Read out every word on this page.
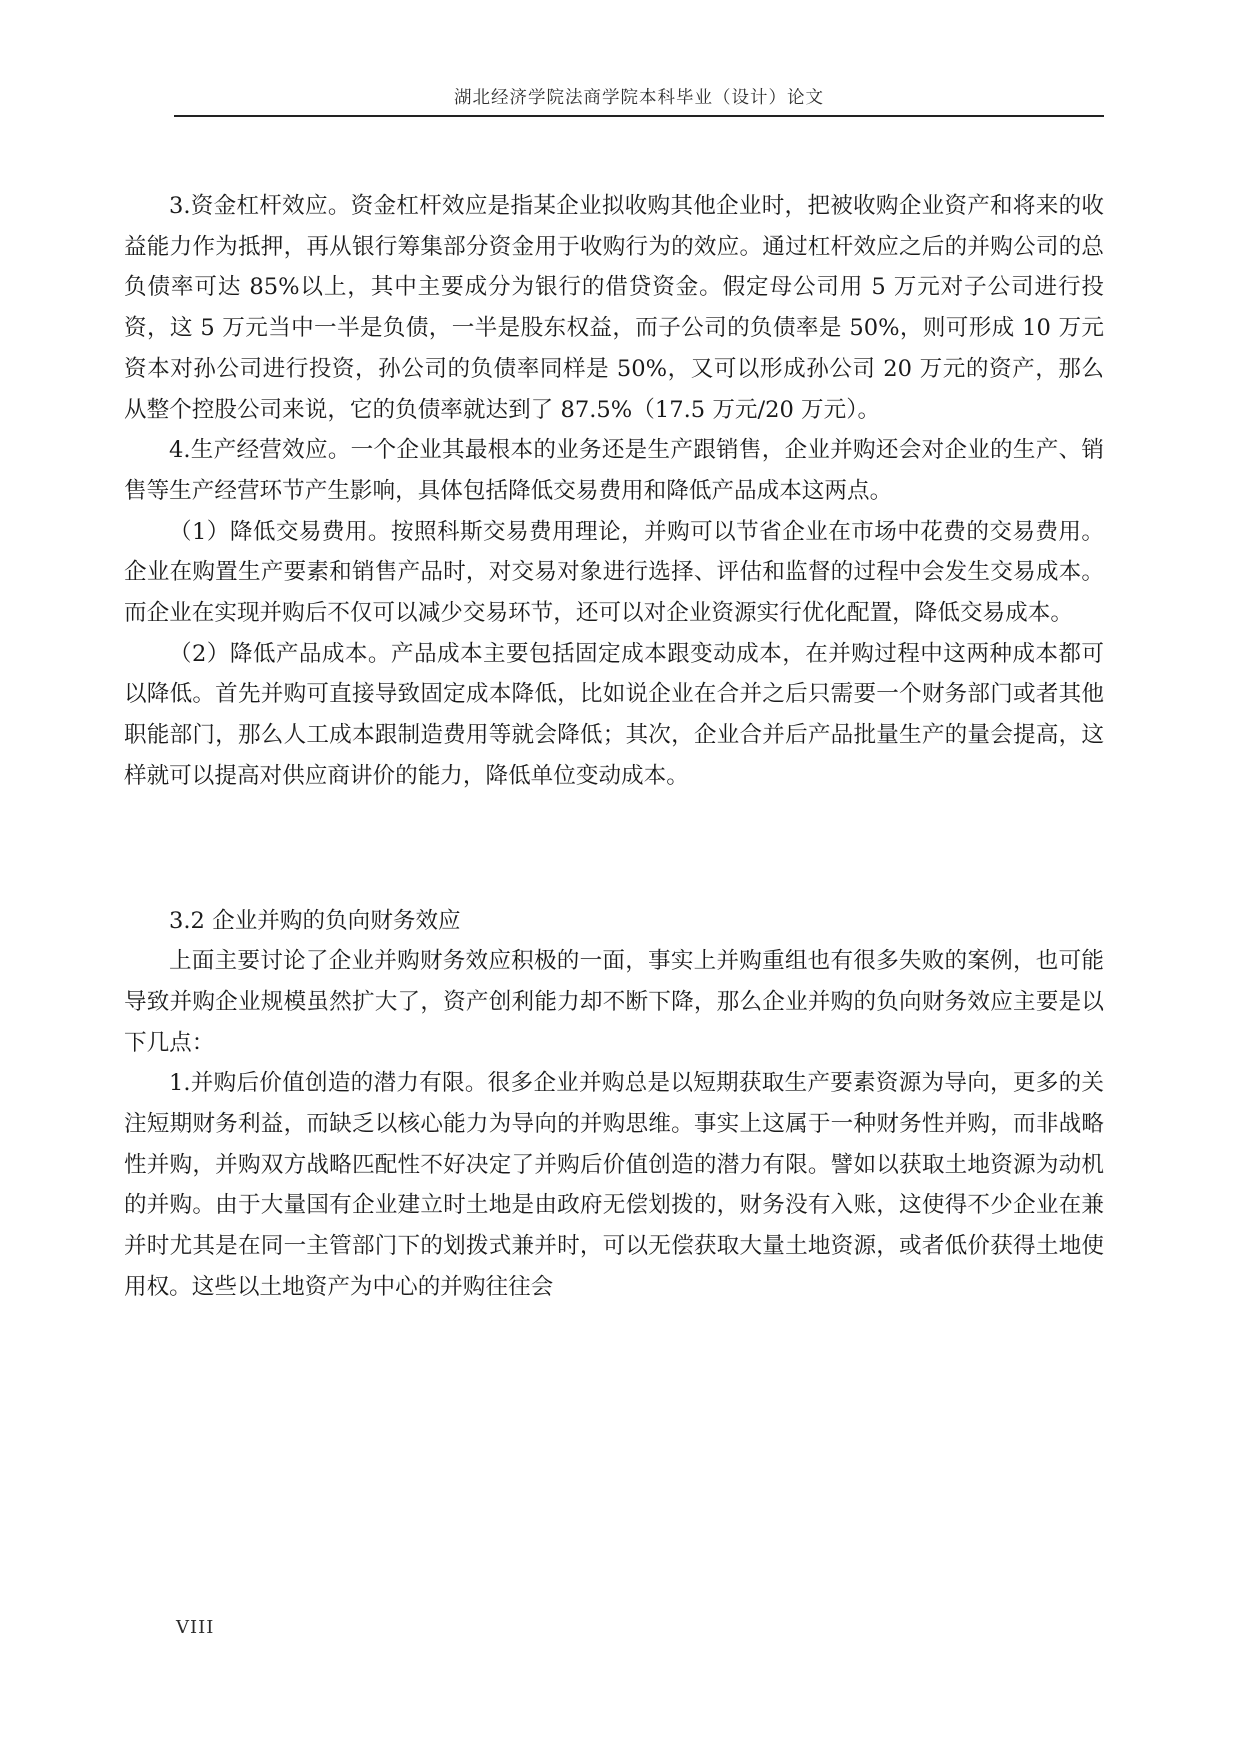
湖北经济学院法商学院本科毕业（设计）论文

3.资金杠杆效应。资金杠杆效应是指某企业拟收购其他企业时，把被收购企业资产和将来的收益能力作为抵押，再从银行筹集部分资金用于收购行为的效应。通过杠杆效应之后的并购公司的总负债率可达 85%以上，其中主要成分为银行的借贷资金。假定母公司用 5 万元对子公司进行投资，这 5 万元当中一半是负债，一半是股东权益，而子公司的负债率是 50%，则可形成 10 万元资本对孙公司进行投资，孙公司的负债率同样是 50%，又可以形成孙公司 20 万元的资产，那么从整个控股公司来说，它的负债率就达到了 87.5%（17.5 万元/20 万元）。

4.生产经营效应。一个企业其最根本的业务还是生产跟销售，企业并购还会对企业的生产、销售等生产经营环节产生影响，具体包括降低交易费用和降低产品成本这两点。

（1）降低交易费用。按照科斯交易费用理论，并购可以节省企业在市场中花费的交易费用。企业在购置生产要素和销售产品时，对交易对象进行选择、评估和监督的过程中会发生交易成本。而企业在实现并购后不仅可以减少交易环节，还可以对企业资源实行优化配置，降低交易成本。

（2）降低产品成本。产品成本主要包括固定成本跟变动成本，在并购过程中这两种成本都可以降低。首先并购可直接导致固定成本降低，比如说企业在合并之后只需要一个财务部门或者其他职能部门，那么人工成本跟制造费用等就会降低；其次，企业合并后产品批量生产的量会提高，这样就可以提高对供应商讲价的能力，降低单位变动成本。

3.2 企业并购的负向财务效应

上面主要讨论了企业并购财务效应积极的一面，事实上并购重组也有很多失败的案例，也可能导致并购企业规模虽然扩大了，资产创利能力却不断下降，那么企业并购的负向财务效应主要是以下几点：

1.并购后价值创造的潜力有限。很多企业并购总是以短期获取生产要素资源为导向，更多的关注短期财务利益，而缺乏以核心能力为导向的并购思维。事实上这属于一种财务性并购，而非战略性并购，并购双方战略匹配性不好决定了并购后价值创造的潜力有限。譬如以获取土地资源为动机的并购。由于大量国有企业建立时土地是由政府无偿划拨的，财务没有入账，这使得不少企业在兼并时尤其是在同一主管部门下的划拨式兼并时，可以无偿获取大量土地资源，或者低价获得土地使用权。这些以土地资产为中心的并购往往会

VIII
